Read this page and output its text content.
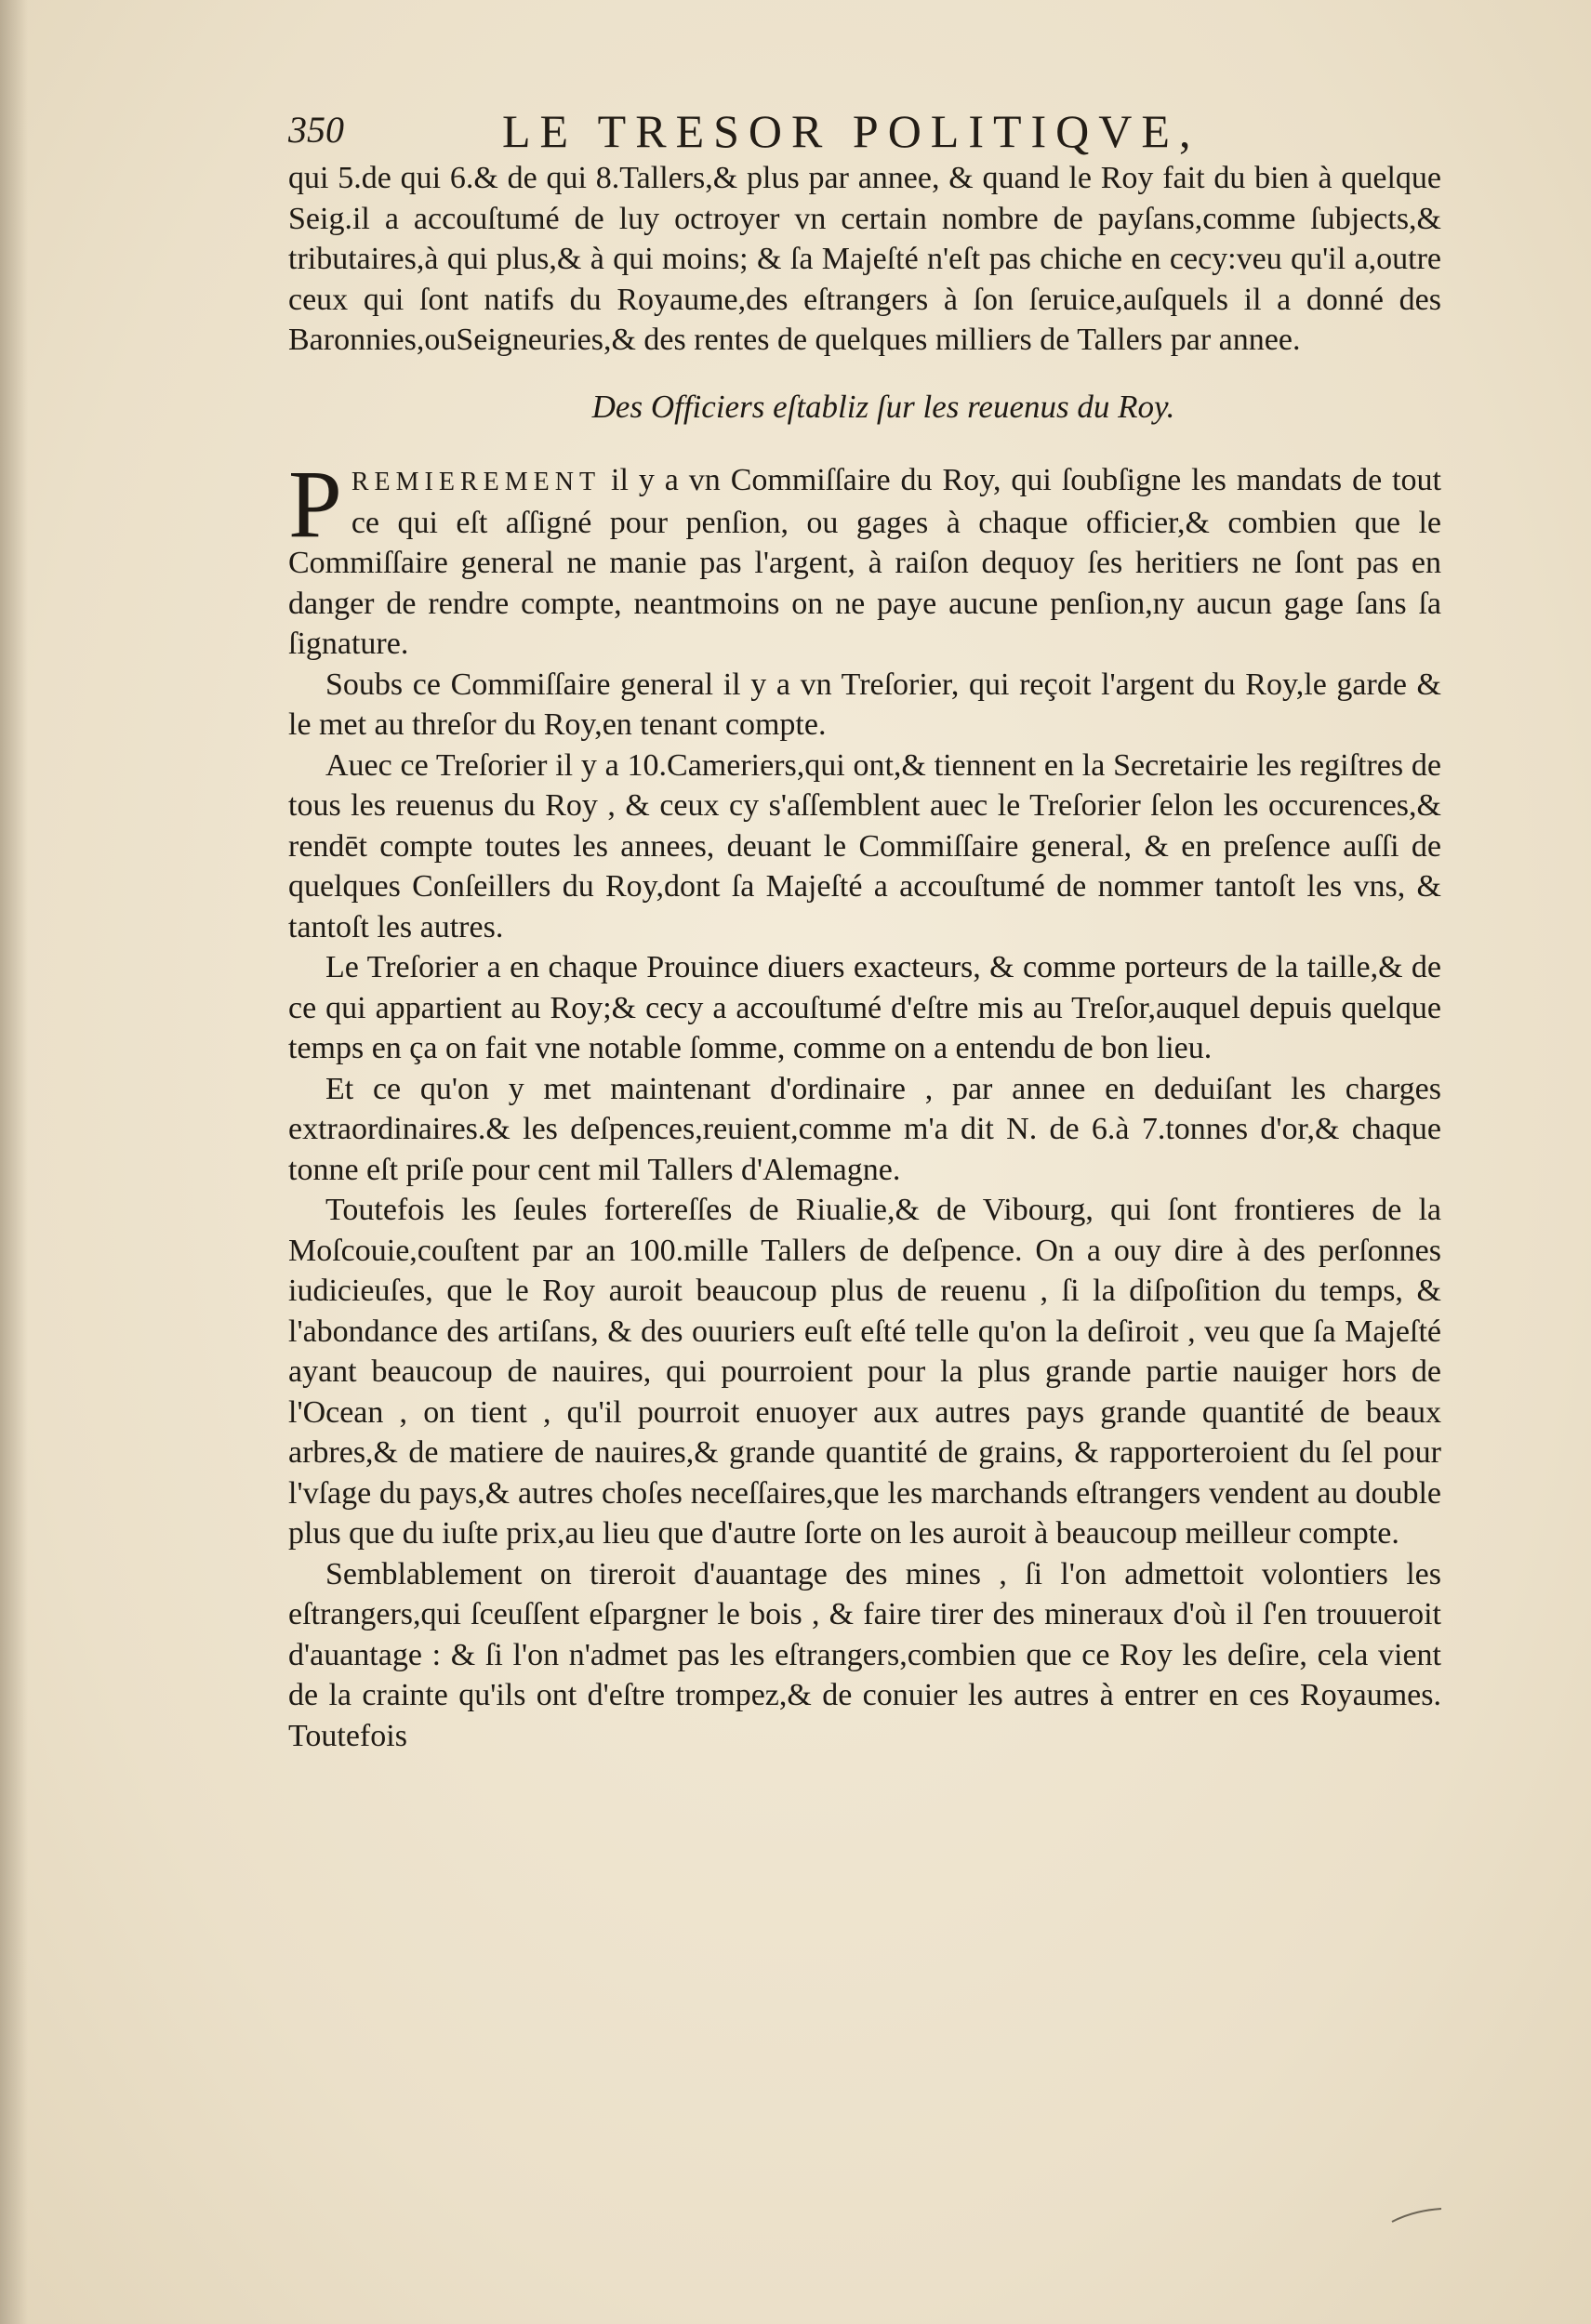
350	LE TRESOR POLITIQVE,

qui 5.de qui 6.& de qui 8.Tallers,& plus par annee, & quand le Roy fait du bien à quelque Seig.il a accouſtumé de luy octroyer vn certain nombre de payſans,comme ſubjects,& tributaires,à qui plus,& à qui moins; & ſa Majeſté n'eſt pas chiche en cecy:veu qu'il a,outre ceux qui ſont natifs du Royaume,des eſtrangers à ſon ſeruice,auſquels il a donné des Baronnies,ouSeigneuries,& des rentes de quelques milliers de Tallers par annee.

Des Officiers eſtabliz ſur les reuenus du Roy.

PREMIEREMENT il y a vn Commiſſaire du Roy, qui ſoubſigne les mandats de tout ce qui eſt aſſigné pour penſion, ou gages à chaque officier,& combien que le Commiſſaire general ne manie pas l'argent, à raiſon dequoy ſes heritiers ne ſont pas en danger de rendre compte, neantmoins on ne paye aucune penſion,ny aucun gage ſans ſa ſignature.

Soubs ce Commiſſaire general il y a vn Treſorier, qui reçoit l'argent du Roy,le garde & le met au threſor du Roy,en tenant compte.

Auec ce Treſorier il y a 10.Cameriers,qui ont,& tiennent en la Secretairie les regiſtres de tous les reuenus du Roy , & ceux cy s'aſſemblent auec le Treſorier ſelon les occurences,& rendēt compte toutes les annees, deuant le Commiſſaire general, & en preſence auſſi de quelques Conſeillers du Roy,dont ſa Majeſté a accouſtumé de nommer tantoſt les vns, & tantoſt les autres.

Le Treſorier a en chaque Prouince diuers exacteurs, & comme porteurs de la taille,& de ce qui appartient au Roy;& cecy a accouſtumé d'eſtre mis au Treſor,auquel depuis quelque temps en ça on fait vne notable ſomme, comme on a entendu de bon lieu.

Et ce qu'on y met maintenant d'ordinaire , par annee en deduiſant les charges extraordinaires.& les deſpences,reuient,comme m'a dit N. de 6.à 7.tonnes d'or,& chaque tonne eſt priſe pour cent mil Tallers d'Alemagne.

Toutefois les ſeules fortereſſes de Riualie,& de Vibourg, qui ſont frontieres de la Moſcouie,couſtent par an 100.mille Tallers de deſpence. On a ouy dire à des perſonnes iudicieuſes, que le Roy auroit beaucoup plus de reuenu , ſi la diſpoſition du temps, & l'abondance des artiſans, & des ouuriers euſt eſté telle qu'on la deſiroit , veu que ſa Majeſté ayant beaucoup de nauires, qui pourroient pour la plus grande partie nauiger hors de l'Ocean , on tient , qu'il pourroit enuoyer aux autres pays grande quantité de beaux arbres,& de matiere de nauires,& grande quantité de grains, & rapporteroient du ſel pour l'vſage du pays,& autres choſes neceſſaires,que les marchands eſtrangers vendent au double plus que du iuſte prix,au lieu que d'autre ſorte on les auroit à beaucoup meilleur compte.

Semblablement on tireroit d'auantage des mines , ſi l'on admettoit volontiers les eſtrangers,qui ſceuſſent eſpargner le bois , & faire tirer des mineraux d'où il ſ'en trouueroit d'auantage : & ſi l'on n'admet pas les eſtrangers,combien que ce Roy les deſire, cela vient de la crainte qu'ils ont d'eſtre trompez,& de conuier les autres à entrer en ces Royaumes. Toutefois
